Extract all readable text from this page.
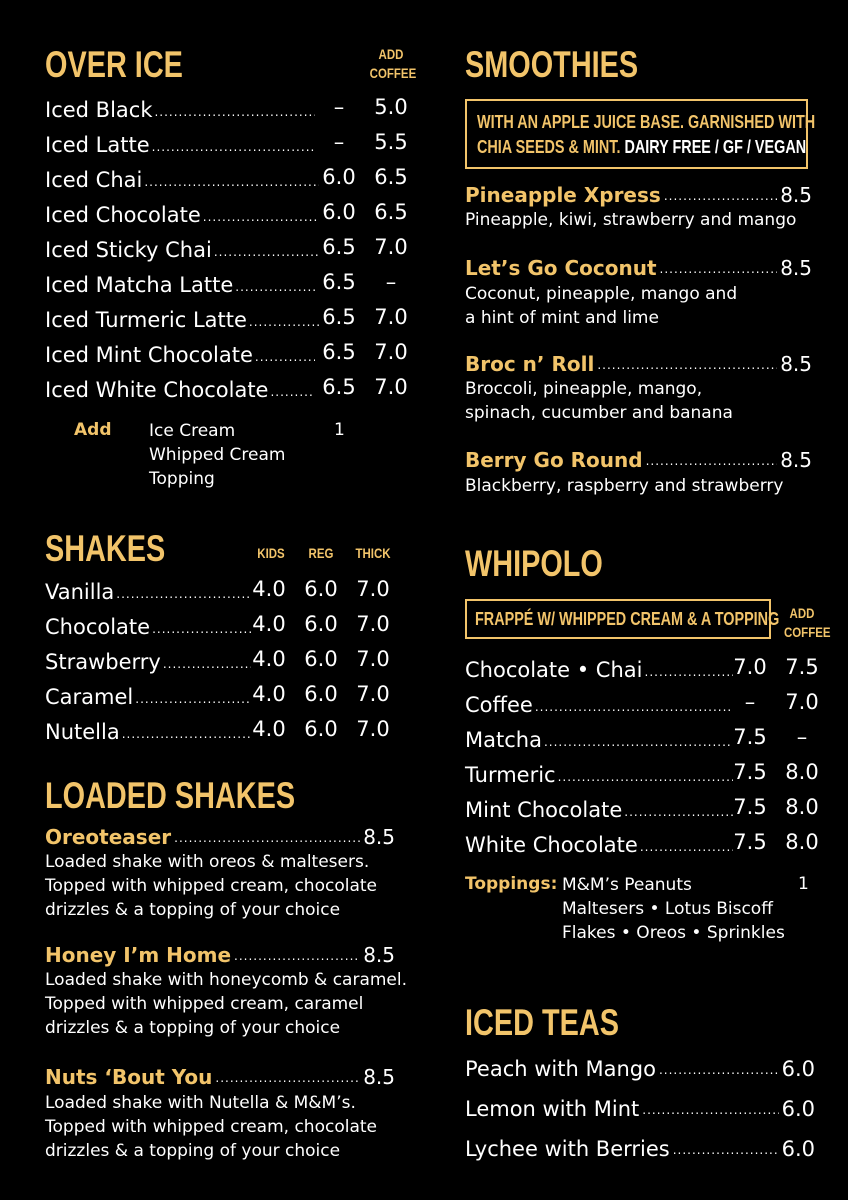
OVER ICE	ADD
COFFEE
Iced Black .....	–	5.0
Iced Latte .....	–	5.5
Iced Chai .....	6.0 6.5
Iced Chocolate .....	6.0 6.5
Iced Sticky Chai .....	6.5 7.0
Iced Matcha Latte .....	6.5	–
Iced Turmeric Latte .....	6.5 7.0
Iced Mint Chocolate .....	6.5 7.0
Iced White Chocolate .....	6.5 7.0
Add Ice Cream
Whipped Cream
Topping
1
SHAKES	KIDS REG THICK
Vanilla .....	4.0 6.0 7.0
Chocolate .....	4.0 6.0 7.0
Strawberry .....	4.0 6.0 7.0
Caramel .....	4.0 6.0 7.0
Nutella .....	4.0 6.0 7.0
LOADED SHAKES
Oreoteaser .....	8.5
Loaded shake with oreos & maltesers.
Topped with whipped cream, chocolate
drizzles & a topping of your choice
Honey I’m Home .....	8.5
Loaded shake with honeycomb & caramel.
Topped with whipped cream, caramel
drizzles & a topping of your choice
Nuts ‘Bout You .....	8.5
Loaded shake with Nutella & M&M’s.
Topped with whipped cream, chocolate
drizzles & a topping of your choice
SMOOTHIES
WITH AN APPLE JUICE BASE. GARNISHED WITH
CHIA SEEDS & MINT. DAIRY FREE / GF / VEGAN
Pineapple Xpress .....	8.5
Pineapple, kiwi, strawberry and mango
Let’s Go Coconut .....	8.5
Coconut, pineapple, mango and
a hint of mint and lime
Broc n’ Roll .....	8.5
Broccoli, pineapple, mango,
spinach, cucumber and banana
Berry Go Round .....	8.5
Blackberry, raspberry and strawberry
WHIPOLO
FRAPPÉ W/ WHIPPED CREAM & A TOPPING ADD
COFFEE
Chocolate • Chai .....	7.0 7.5
Coffee .....	–	7.0
Matcha .....	7.5	–
Turmeric .....	7.5 8.0
Mint Chocolate .....	7.5 8.0
White Chocolate .....	7.5 8.0
Toppings: M&M’s Peanuts
Maltesers • Lotus Biscoff
Flakes • Oreos • Sprinkles
1
ICED TEAS
Peach with Mango .....	6.0
Lemon with Mint .....	6.0
Lychee with Berries .....	6.0
